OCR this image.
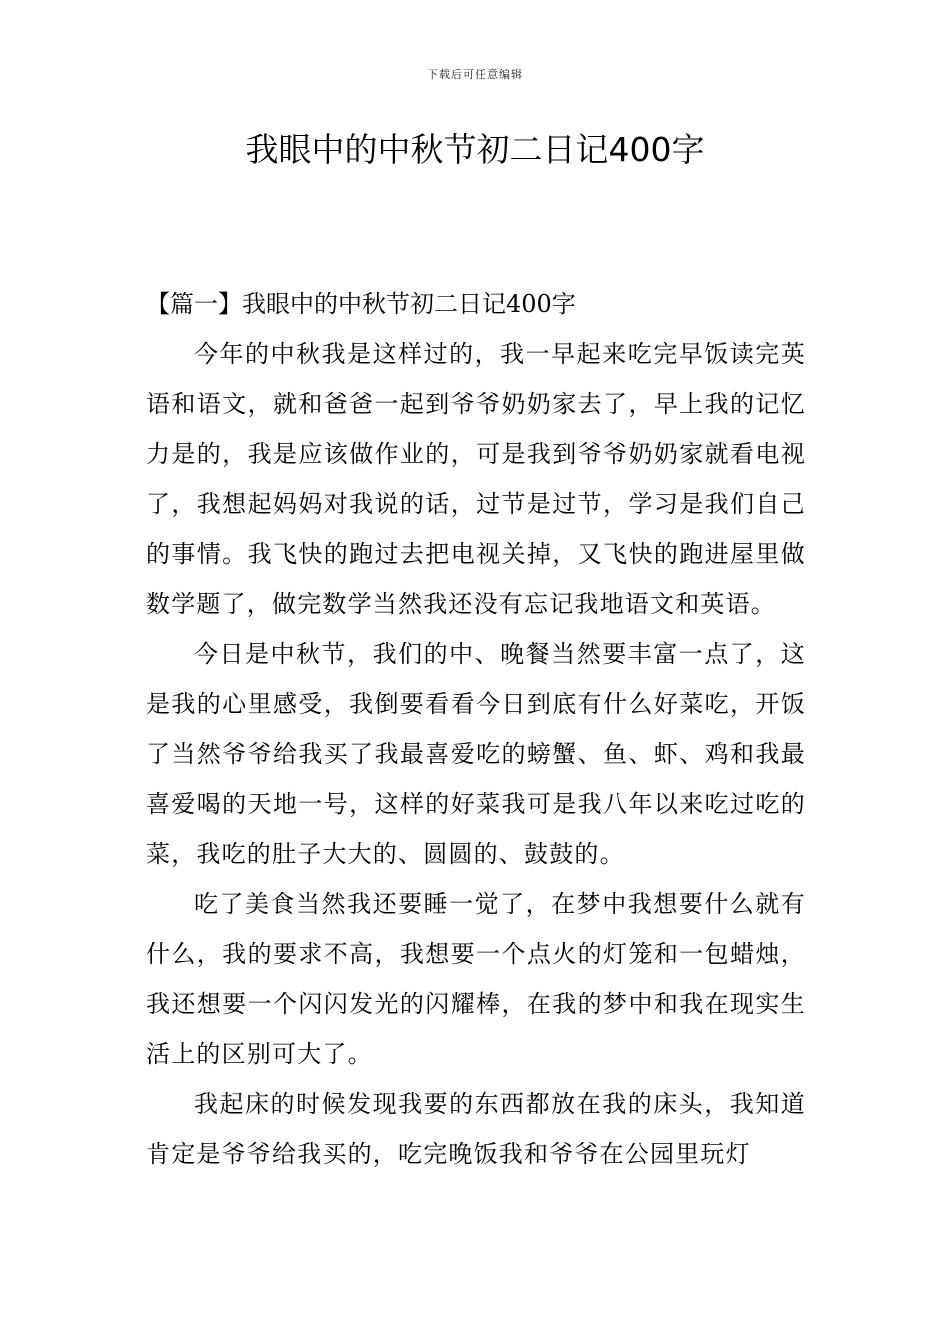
下载后可任意编辑
我眼中的中秋节初二日记400字

【篇一】我眼中的中秋节初二日记400字

今年的中秋我是这样过的，我一早起来吃完早饭读完英语和语文，就和爸爸一起到爷爷奶奶家去了，早上我的记忆力是的，我是应该做作业的，可是我到爷爷奶奶家就看电视了，我想起妈妈对我说的话，过节是过节，学习是我们自己的事情。我飞快的跑过去把电视关掉，又飞快的跑进屋里做数学题了，做完数学当然我还没有忘记我地语文和英语。

今日是中秋节，我们的中、晚餐当然要丰富一点了，这是我的心里感受，我倒要看看今日到底有什么好菜吃，开饭了当然爷爷给我买了我最喜爱吃的螃蟹、鱼、虾、鸡和我最喜爱喝的天地一号，这样的好菜我可是我八年以来吃过吃的菜，我吃的肚子大大的、圆圆的、鼓鼓的。

吃了美食当然我还要睡一觉了，在梦中我想要什么就有什么，我的要求不高，我想要一个点火的灯笼和一包蜡烛，我还想要一个闪闪发光的闪耀棒，在我的梦中和我在现实生活上的区别可大了。

我起床的时候发现我要的东西都放在我的床头，我知道肯定是爷爷给我买的，吃完晚饭我和爷爷在公园里玩灯
